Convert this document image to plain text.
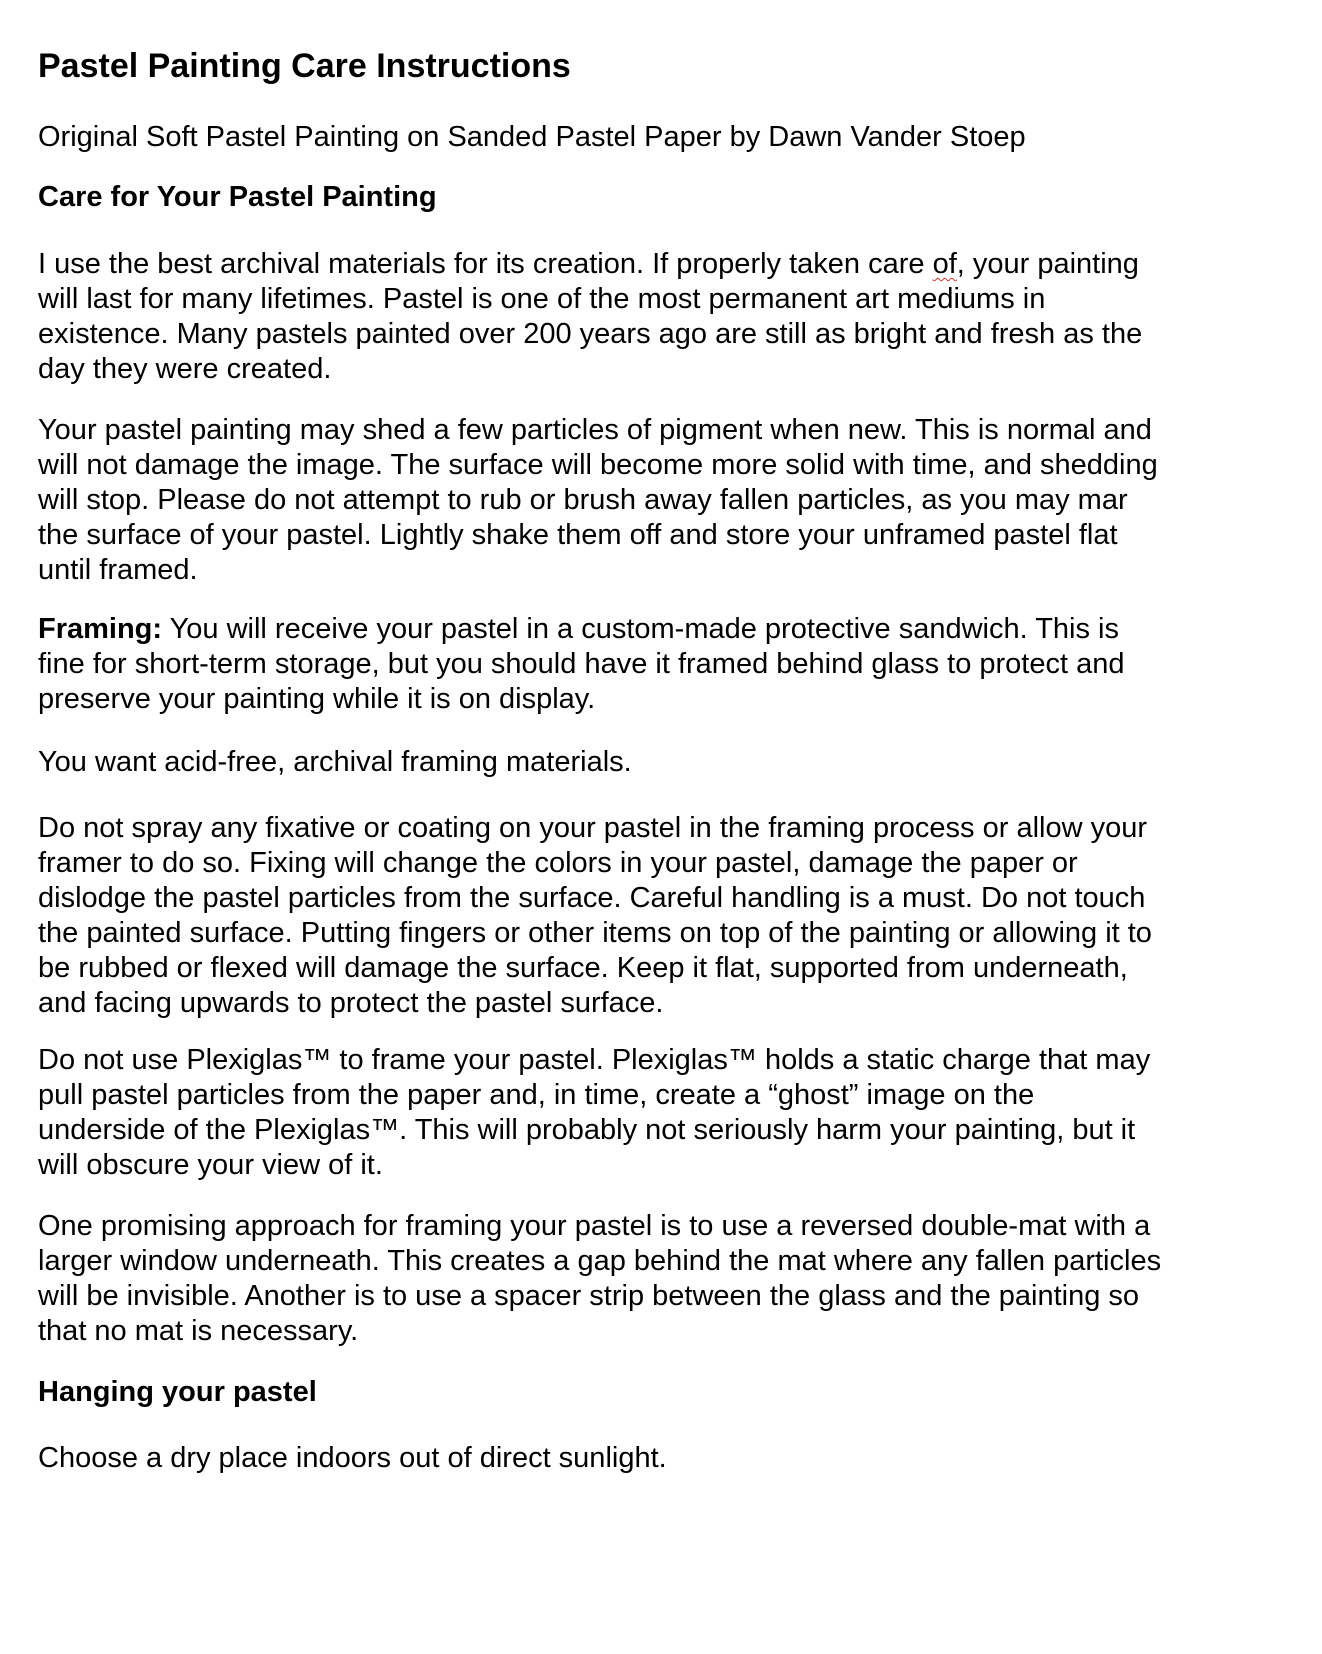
Pastel Painting Care Instructions

Original Soft Pastel Painting on Sanded Pastel Paper by Dawn Vander Stoep

Care for Your Pastel Painting

I use the best archival materials for its creation. If properly taken care of, your painting
will last for many lifetimes. Pastel is one of the most permanent art mediums in
existence. Many pastels painted over 200 years ago are still as bright and fresh as the
day they were created.

Your pastel painting may shed a few particles of pigment when new. This is normal and
will not damage the image. The surface will become more solid with time, and shedding
will stop. Please do not attempt to rub or brush away fallen particles, as you may mar
the surface of your pastel. Lightly shake them off and store your unframed pastel flat
until framed.

Framing: You will receive your pastel in a custom-made protective sandwich. This is
fine for short-term storage, but you should have it framed behind glass to protect and
preserve your painting while it is on display.

You want acid-free, archival framing materials.

Do not spray any fixative or coating on your pastel in the framing process or allow your
framer to do so. Fixing will change the colors in your pastel, damage the paper or
dislodge the pastel particles from the surface. Careful handling is a must. Do not touch
the painted surface. Putting fingers or other items on top of the painting or allowing it to
be rubbed or flexed will damage the surface. Keep it flat, supported from underneath,
and facing upwards to protect the pastel surface.

Do not use Plexiglas™ to frame your pastel. Plexiglas™ holds a static charge that may
pull pastel particles from the paper and, in time, create a “ghost” image on the
underside of the Plexiglas™. This will probably not seriously harm your painting, but it
will obscure your view of it.

One promising approach for framing your pastel is to use a reversed double-mat with a
larger window underneath. This creates a gap behind the mat where any fallen particles
will be invisible. Another is to use a spacer strip between the glass and the painting so
that no mat is necessary.

Hanging your pastel

Choose a dry place indoors out of direct sunlight.
